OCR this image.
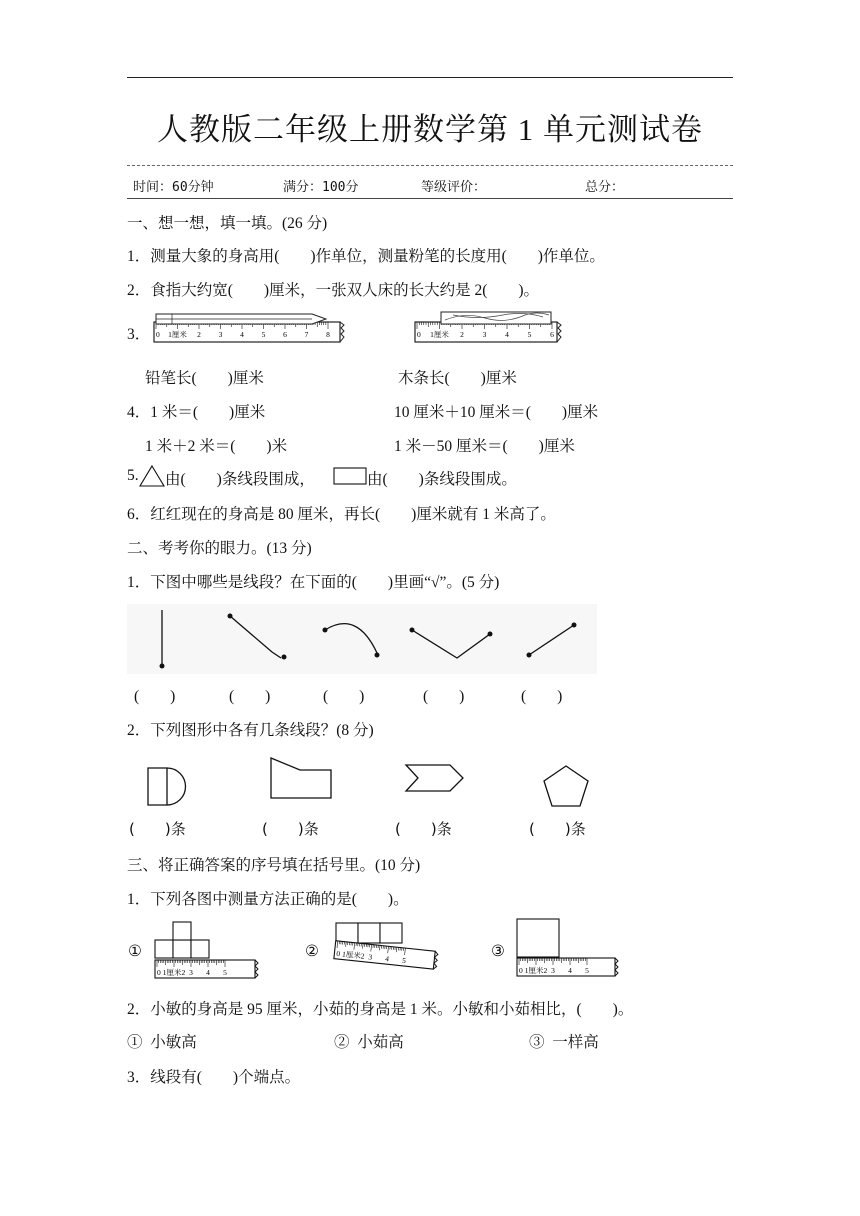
人教版二年级上册数学第 1 单元测试卷
时间：60分钟	满分：100分	等级评价：	总分：
一、想一想，填一填。(26 分)
1．测量大象的身高用(　　)作单位，测量粉笔的长度用(　　)作单位。
2．食指大约宽(　　)厘米，一张双人床的长大约是 2(　　)。
3． 0 1厘米 2 3 4 5 6 7 8	0 1厘米 2	3	4	5	6
铅笔长(　　)厘米	木条长(　　)厘米
4．1 米＝(　　)厘米	10 厘米＋10 厘米＝(　　)厘米
1 米＋2 米＝(　　)米	1 米－50 厘米＝(　　)厘米
5. 由(　　)条线段围成，	由(　　)条线段围成。
6．红红现在的身高是 80 厘米，再长(　　)厘米就有 1 米高了。
二、考考你的眼力。(13 分)
1．下图中哪些是线段？在下面的(　　)里画“√”。(5 分)
(　　)	(　　)	(　　)	(　　)	(　　)
2．下列图形中各有几条线段？(8 分)
(　　)条	(　　)条	(　　)条	(　　)条
三、将正确答案的序号填在括号里。(10 分)
1．下列各图中测量方法正确的是(　　)。
①
0 1厘米2 3 4 5
② 0 1厘米2 3 4 5
③
0 1厘米2 3 4 5
2．小敏的身高是 95 厘米，小茹的身高是 1 米。小敏和小茹相比，(　　)。
①  小敏高	②  小茹高	③  一样高
3．线段有(　　)个端点。
